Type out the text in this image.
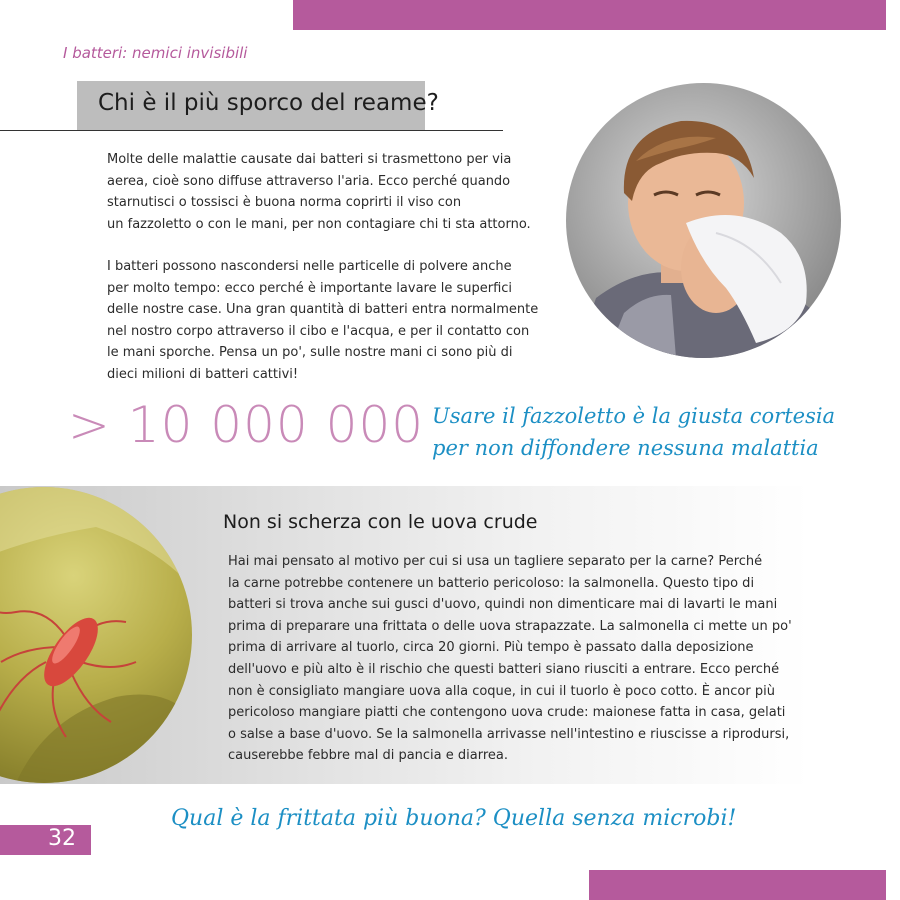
I batteri: nemici invisibili
Chi è il più sporco del reame?

Molte delle malattie causate dai batteri si trasmettono per via
aerea, cioè sono diffuse attraverso l'aria. Ecco perché quando
starnutisci o tossisci è buona norma coprirti il viso con
un fazzoletto o con le mani, per non contagiare chi ti sta attorno.

I batteri possono nascondersi nelle particelle di polvere anche
per molto tempo: ecco perché è importante lavare le superfici
delle nostre case. Una gran quantità di batteri entra normalmente
nel nostro corpo attraverso il cibo e l'acqua, e per il contatto con
le mani sporche. Pensa un po', sulle nostre mani ci sono più di
dieci milioni di batteri cattivi!

> 10 000 000 Usare il fazzoletto è la giusta cortesia
per non diffondere nessuna malattia

Non si scherza con le uova crude

Hai mai pensato al motivo per cui si usa un tagliere separato per la carne? Perché
la carne potrebbe contenere un batterio pericoloso: la salmonella. Questo tipo di
batteri si trova anche sui gusci d'uovo, quindi non dimenticare mai di lavarti le mani
prima di preparare una frittata o delle uova strapazzate. La salmonella ci mette un po'
prima di arrivare al tuorlo, circa 20 giorni. Più tempo è passato dalla deposizione
dell'uovo e più alto è il rischio che questi batteri siano riusciti a entrare. Ecco perché
non è consigliato mangiare uova alla coque, in cui il tuorlo è poco cotto. È ancor più
pericoloso mangiare piatti che contengono uova crude: maionese fatta in casa, gelati
o salse a base d'uovo. Se la salmonella arrivasse nell'intestino e riuscisse a riprodursi,
causerebbe febbre mal di pancia e diarrea.

32
Qual è la frittata più buona? Quella senza microbi!
